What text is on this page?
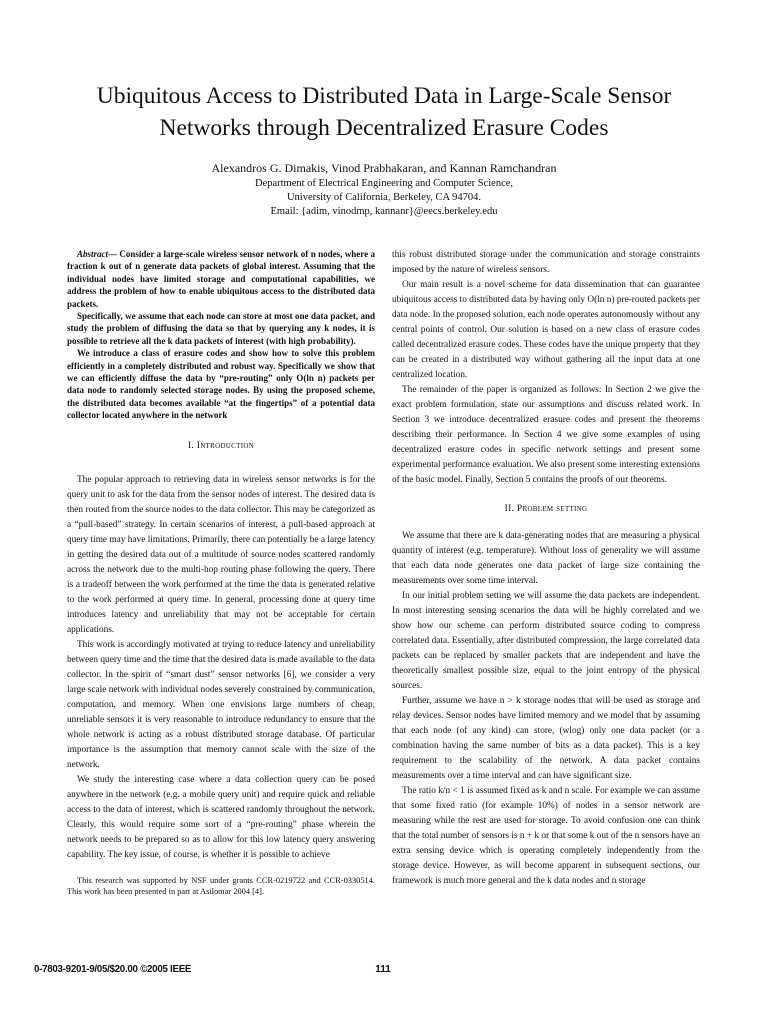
Ubiquitous Access to Distributed Data in Large-Scale Sensor
Networks through Decentralized Erasure Codes
Alexandros G. Dimakis, Vinod Prabhakaran, and Kannan Ramchandran
Department of Electrical Engineering and Computer Science,
University of California, Berkeley, CA 94704.
Email: {adim, vinodmp, kannanr}@eecs.berkeley.edu

Abstract— Consider a large-scale wireless sensor network of n nodes, where a fraction k out of n generate data packets of global interest. Assuming that the individual nodes have limited storage and computational capabilities, we address the problem of how to enable ubiquitous access to the distributed data packets.

Specifically, we assume that each node can store at most one data packet, and study the problem of diffusing the data so that by querying any k nodes, it is possible to retrieve all the k data packets of interest (with high probability).

We introduce a class of erasure codes and show how to solve this problem efficiently in a completely distributed and robust way. Specifically we show that we can efficiently diffuse the data by “pre-routing” only O(ln n) packets per data node to randomly selected storage nodes. By using the proposed scheme, the distributed data becomes available “at the fingertips” of a potential data collector located anywhere in the network

I. Introduction

The popular approach to retrieving data in wireless sensor networks is for the query unit to ask for the data from the sensor nodes of interest. The desired data is then routed from the source nodes to the data collector. This may be categorized as a “pull-based” strategy. In certain scenarios of interest, a pull-based approach at query time may have limitations. Primarily, there can potentially be a large latency in getting the desired data out of a multitude of source nodes scattered randomly across the network due to the multi-hop routing phase following the query. There is a tradeoff between the work performed at the time the data is generated relative to the work performed at query time. In general, processing done at query time introduces latency and unreliability that may not be acceptable for certain applications.

This work is accordingly motivated at trying to reduce latency and unreliability between query time and the time that the desired data is made available to the data collector. In the spirit of “smart dust” sensor networks [6], we consider a very large scale network with individual nodes severely constrained by communication, computation, and memory. When one envisions large numbers of cheap, unreliable sensors it is very reasonable to introduce redundancy to ensure that the whole network is acting as a robust distributed storage database. Of particular importance is the assumption that memory cannot scale with the size of the network.

We study the interesting case where a data collection query can be posed anywhere in the network (e.g. a mobile query unit) and require quick and reliable access to the data of interest, which is scattered randomly throughout the network. Clearly, this would require some sort of a “pre-routing” phase wherein the network needs to be prepared so as to allow for this low latency query answering capability. The key issue, of course, is whether it is possible to achieve

This research was supported by NSF under grants CCR-0219722 and CCR-0330514. This work has been presented in part at Asilomar 2004 [4].

this robust distributed storage under the communication and storage constraints imposed by the nature of wireless sensors.

Our main result is a novel scheme for data dissemination that can guarantee ubiquitous access to distributed data by having only O(ln n) pre-routed packets per data node. In the proposed solution, each node operates autonomously without any central points of control. Our solution is based on a new class of erasure codes called decentralized erasure codes. These codes have the unique property that they can be created in a distributed way without gathering all the input data at one centralized location.

The remainder of the paper is organized as follows: In Section 2 we give the exact problem formulation, state our assumptions and discuss related work. In Section 3 we introduce decentralized erasure codes and present the theorems describing their performance. In Section 4 we give some examples of using decentralized erasure codes in specific network settings and present some experimental performance evaluation. We also present some interesting extensions of the basic model. Finally, Section 5 contains the proofs of our theorems.

II. Problem setting

We assume that there are k data-generating nodes that are measuring a physical quantity of interest (e.g. temperature). Without loss of generality we will assume that each data node generates one data packet of large size containing the measurements over some time interval.

In our initial problem setting we will assume the data packets are independent. In most interesting sensing scenarios the data will be highly correlated and we show how our scheme can perform distributed source coding to compress correlated data. Essentially, after distributed compression, the large correlated data packets can be replaced by smaller packets that are independent and have the theoretically smallest possible size, equal to the joint entropy of the physical sources.

Further, assume we have n > k storage nodes that will be used as storage and relay devices. Sensor nodes have limited memory and we model that by assuming that each node (of any kind) can store, (wlog) only one data packet (or a combination having the same number of bits as a data packet). This is a key requirement to the scalability of the network. A data packet contains measurements over a time interval and can have significant size.

The ratio k/n < 1 is assumed fixed as k and n scale. For example we can assume that some fixed ratio (for example 10%) of nodes in a sensor network are measuring while the rest are used for storage. To avoid confusion one can think that the total number of sensors is n + k or that some k out of the n sensors have an extra sensing device which is operating completely independently from the storage device. However, as will become apparent in subsequent sections, our framework is much more general and the k data nodes and n storage

0-7803-9201-9/05/$20.00 ©2005 IEEE	111
